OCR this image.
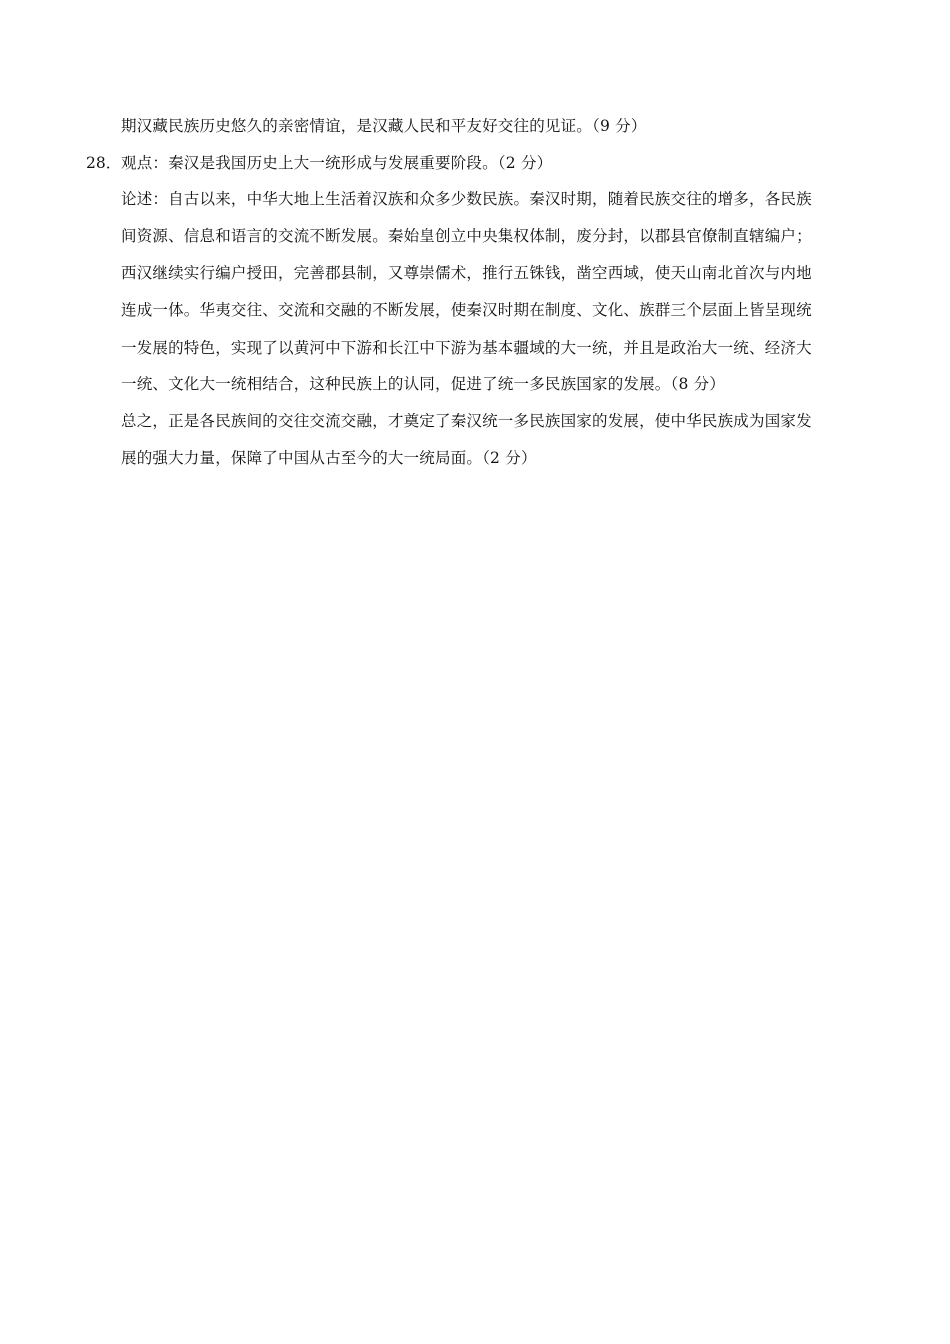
期汉藏民族历史悠久的亲密情谊，是汉藏人民和平友好交往的见证。（9 分）
28． 观点：秦汉是我国历史上大一统形成与发展重要阶段。（2 分）
论述：自古以来，中华大地上生活着汉族和众多少数民族。秦汉时期，随着民族交往的增多，各民族
间资源、信息和语言的交流不断发展。秦始皇创立中央集权体制，废分封，以郡县官僚制直辖编户；
西汉继续实行编户授田，完善郡县制，又尊崇儒术，推行五铢钱，凿空西域，使天山南北首次与内地
连成一体。华夷交往、交流和交融的不断发展，使秦汉时期在制度、文化、族群三个层面上皆呈现统
一发展的特色，实现了以黄河中下游和长江中下游为基本疆域的大一统，并且是政治大一统、经济大
一统、文化大一统相结合，这种民族上的认同，促进了统一多民族国家的发展。（8 分）
总之，正是各民族间的交往交流交融，才奠定了秦汉统一多民族国家的发展，使中华民族成为国家发
展的强大力量，保障了中国从古至今的大一统局面。（2 分）
